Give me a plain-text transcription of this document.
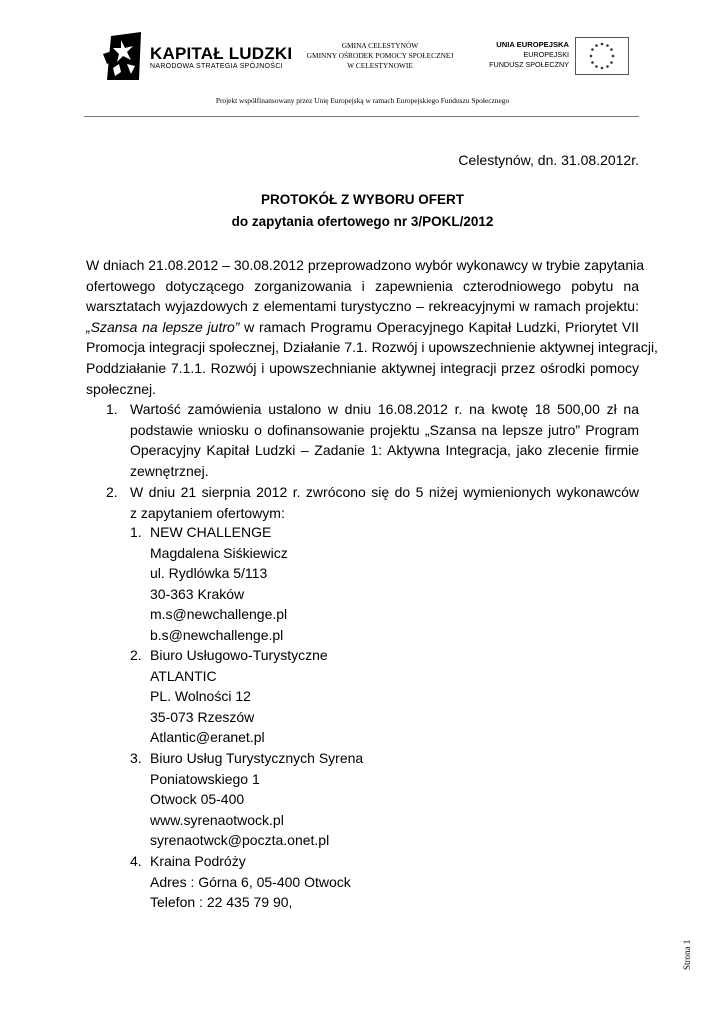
KAPITAŁ LUDZKI
NARODOWA STRATEGIA SPÓJNOŚCI
GMINA CELESTYNÓW
GMINNY OŚRODEK POMOCY SPOŁECZNEJ
W CELESTYNOWIE
UNIA EUROPEJSKA
EUROPEJSKI
FUNDUSZ SPOŁECZNY
Projekt współfinansowany przez Unię Europejską w ramach Europejskiego Funduszu Społecznego
Celestynów, dn. 31.08.2012r.
PROTOKÓŁ Z WYBORU OFERT
do zapytania ofertowego nr 3/POKL/2012
W dniach 21.08.2012 – 30.08.2012 przeprowadzono wybór wykonawcy w trybie zapytania
ofertowego dotyczącego zorganizowania i zapewnienia czterodniowego pobytu na
warsztatach wyjazdowych z elementami turystyczno – rekreacyjnymi w ramach projektu:
„Szansa na lepsze jutro” w ramach Programu Operacyjnego Kapitał Ludzki, Priorytet VII
Promocja integracji społecznej, Działanie 7.1. Rozwój i upowszechnienie aktywnej integracji,
Poddziałanie 7.1.1. Rozwój i upowszechnianie aktywnej integracji przez ośrodki pomocy
społecznej.
1. Wartość zamówienia ustalono w dniu 16.08.2012 r. na kwotę 18 500,00 zł na
podstawie wniosku o dofinansowanie projektu „Szansa na lepsze jutro” Program
Operacyjny Kapitał Ludzki – Zadanie 1: Aktywna Integracja, jako zlecenie firmie
zewnętrznej.
2. W dniu 21 sierpnia 2012 r. zwrócono się do 5 niżej wymienionych wykonawców
z zapytaniem ofertowym:
1. NEW CHALLENGE
Magdalena Siśkiewicz
ul. Rydlówka 5/113
30-363 Kraków
m.s@newchallenge.pl
b.s@newchallenge.pl
2. Biuro Usługowo-Turystyczne
ATLANTIC
PL. Wolności 12
35-073 Rzeszów
Atlantic@eranet.pl
3. Biuro Usług Turystycznych Syrena
Poniatowskiego 1
Otwock 05-400
www.syrenaotwock.pl
syrenaotwck@poczta.onet.pl
4. Kraina Podróży
Adres : Górna 6, 05-400 Otwock
Telefon : 22 435 79 90,
Strona 1
